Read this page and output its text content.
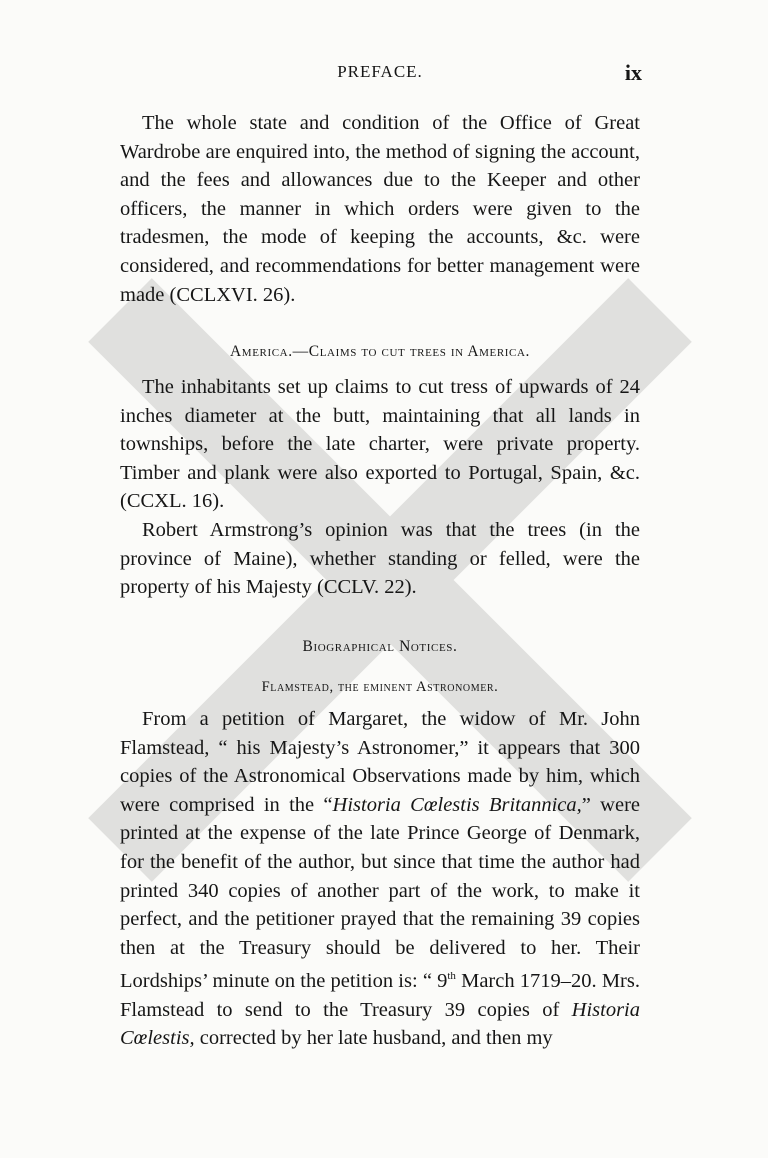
PREFACE.	ix

The whole state and condition of the Office of Great Wardrobe are enquired into, the method of signing the account, and the fees and allowances due to the Keeper and other officers, the manner in which orders were given to the tradesmen, the mode of keeping the accounts, &c. were considered, and recommendations for better management were made (CCLXVI. 26).

America.—Claims to cut trees in America.

The inhabitants set up claims to cut tress of upwards of 24 inches diameter at the butt, maintaining that all lands in townships, before the late charter, were private property. Timber and plank were also exported to Portugal, Spain, &c. (CCXL. 16).

Robert Armstrong’s opinion was that the trees (in the province of Maine), whether standing or felled, were the property of his Majesty (CCLV. 22).

Biographical Notices.

Flamstead, the eminent Astronomer.

From a petition of Margaret, the widow of Mr. John Flamstead, “ his Majesty’s Astronomer,” it appears that 300 copies of the Astronomical Observations made by him, which were comprised in the “Historia Cœlestis Britannica,” were printed at the expense of the late Prince George of Denmark, for the benefit of the author, but since that time the author had printed 340 copies of another part of the work, to make it perfect, and the petitioner prayed that the remaining 39 copies then at the Treasury should be delivered to her. Their Lordships’ minute on the petition is: “ 9th March 1719–20. Mrs. Flamstead to send to the Treasury 39 copies of Historia Cœlestis, corrected by her late husband, and then my
